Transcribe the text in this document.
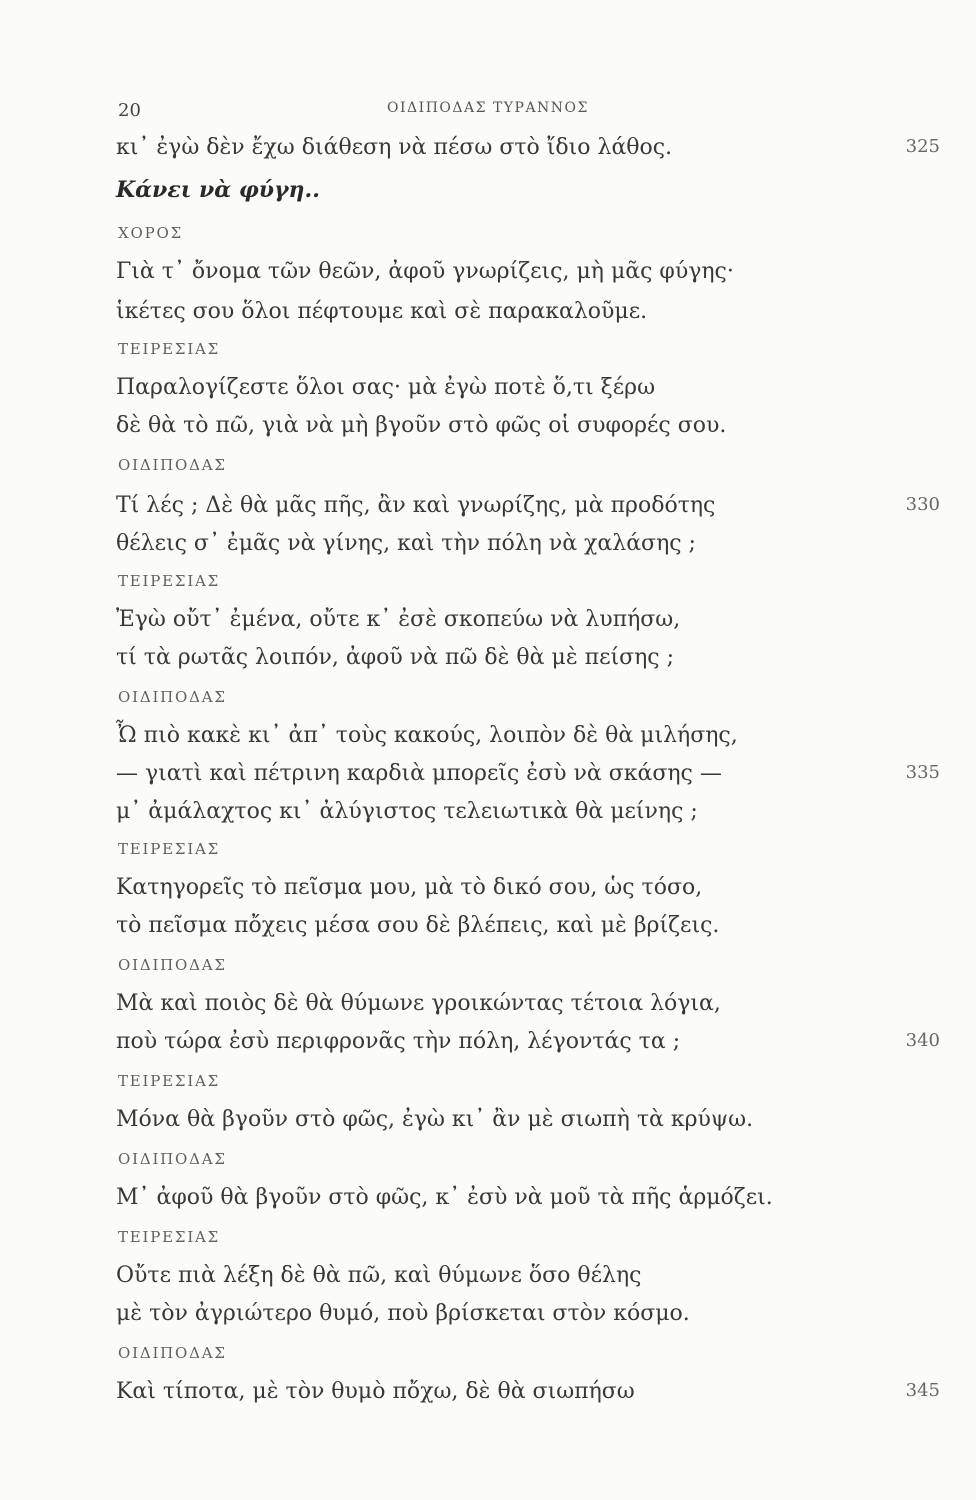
20	ΟΙΔΙΠΟΔΑΣ ΤΥΡΑΝΝΟΣ
κι᾽ ἐγὼ δὲν ἔχω διάθεση νὰ πέσω στὸ ἴδιο λάθος.	325
Κάνει νὰ φύγη..
ΧΟΡΟΣ
Γιὰ τ᾽ ὄνομα τῶν θεῶν, ἀφοῦ γνωρίζεις, μὴ μᾶς φύγης·
ἱκέτες σου ὅλοι πέφτουμε καὶ σὲ παρακαλοῦμε.
ΤΕΙΡΕΣΙΑΣ
Παραλογίζεστε ὅλοι σας· μὰ ἐγὼ ποτὲ ὅ,τι ξέρω
δὲ θὰ τὸ πῶ, γιὰ νὰ μὴ βγοῦν στὸ φῶς οἱ συφορές σου.
ΟΙΔΙΠΟΔΑΣ
Τί λές ; Δὲ θὰ μᾶς πῆς, ἂν καὶ γνωρίζης, μὰ προδότης	330
θέλεις σ᾽ ἐμᾶς νὰ γίνης, καὶ τὴν πόλη νὰ χαλάσης ;
ΤΕΙΡΕΣΙΑΣ
Ἐγὼ οὔτ᾽ ἐμένα, οὔτε κ᾽ ἐσὲ σκοπεύω νὰ λυπήσω,
τί τὰ ρωτᾶς λοιπόν, ἀφοῦ νὰ πῶ δὲ θὰ μὲ πείσης ;
ΟΙΔΙΠΟΔΑΣ
Ὦ πιὸ κακὲ κι᾽ ἀπ᾽ τοὺς κακούς, λοιπὸν δὲ θὰ μιλήσης,
— γιατὶ καὶ πέτρινη καρδιὰ μπορεῖς ἐσὺ νὰ σκάσης —	335
μ᾽ ἀμάλαχτος κι᾽ ἀλύγιστος τελειωτικὰ θὰ μείνης ;
ΤΕΙΡΕΣΙΑΣ
Κατηγορεῖς τὸ πεῖσμα μου, μὰ τὸ δικό σου, ὡς τόσο,
τὸ πεῖσμα πὄχεις μέσα σου δὲ βλέπεις, καὶ μὲ βρίζεις.
ΟΙΔΙΠΟΔΑΣ
Μὰ καὶ ποιὸς δὲ θὰ θύμωνε γροικώντας τέτοια λόγια,
ποὺ τώρα ἐσὺ περιφρονᾶς τὴν πόλη, λέγοντάς τα ;	340
ΤΕΙΡΕΣΙΑΣ
Μόνα θὰ βγοῦν στὸ φῶς, ἐγὼ κι᾽ ἂν μὲ σιωπὴ τὰ κρύψω.
ΟΙΔΙΠΟΔΑΣ
Μ᾽ ἀφοῦ θὰ βγοῦν στὸ φῶς, κ᾽ ἐσὺ νὰ μοῦ τὰ πῆς ἁρμόζει.
ΤΕΙΡΕΣΙΑΣ
Οὔτε πιὰ λέξη δὲ θὰ πῶ, καὶ θύμωνε ὅσο θέλης
μὲ τὸν ἀγριώτερο θυμό, ποὺ βρίσκεται στὸν κόσμο.
ΟΙΔΙΠΟΔΑΣ
Καὶ τίποτα, μὲ τὸν θυμὸ πὄχω, δὲ θὰ σιωπήσω	345
